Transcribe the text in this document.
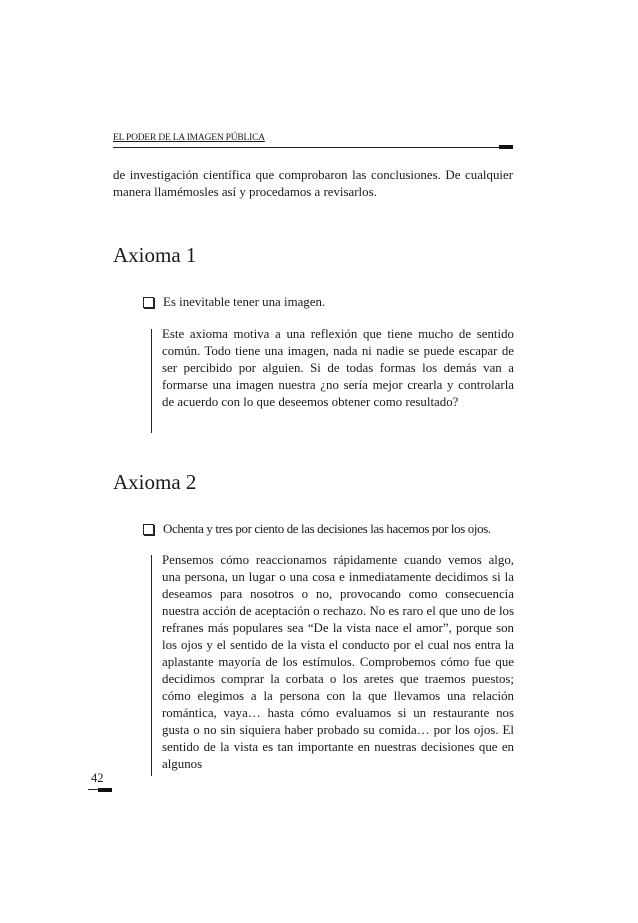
EL PODER DE LA IMAGEN PÚBLICA

de investigación científica que comprobaron las conclusiones. De cualquier manera llamémosles así y procedamos a revisarlos.

Axioma 1
Es inevitable tener una imagen.

Este axioma motiva a una reflexión que tiene mucho de sentido común. Todo tiene una imagen, nada ni nadie se puede escapar de ser percibido por alguien. Si de todas formas los demás van a formarse una imagen nuestra ¿no sería mejor crearla y controlarla de acuerdo con lo que deseemos obtener como resultado?

Axioma 2
Ochenta y tres por ciento de las decisiones las hacemos por los ojos.

Pensemos cómo reaccionamos rápidamente cuando vemos algo, una persona, un lugar o una cosa e inmediatamente decidimos si la deseamos para nosotros o no, provocando como consecuencia nuestra acción de aceptación o rechazo. No es raro el que uno de los refranes más populares sea “De la vista nace el amor”, porque son los ojos y el sentido de la vista el conducto por el cual nos entra la aplastante mayoría de los estímulos. Comprobemos cómo fue que decidimos comprar la corbata o los aretes que traemos puestos; cómo elegimos a la persona con la que llevamos una relación romántica, vaya… hasta cómo evaluamos si un restaurante nos gusta o no sin siquiera haber probado su comida… por los ojos. El sentido de la vista es tan importante en nuestras decisiones que en algunos

42
